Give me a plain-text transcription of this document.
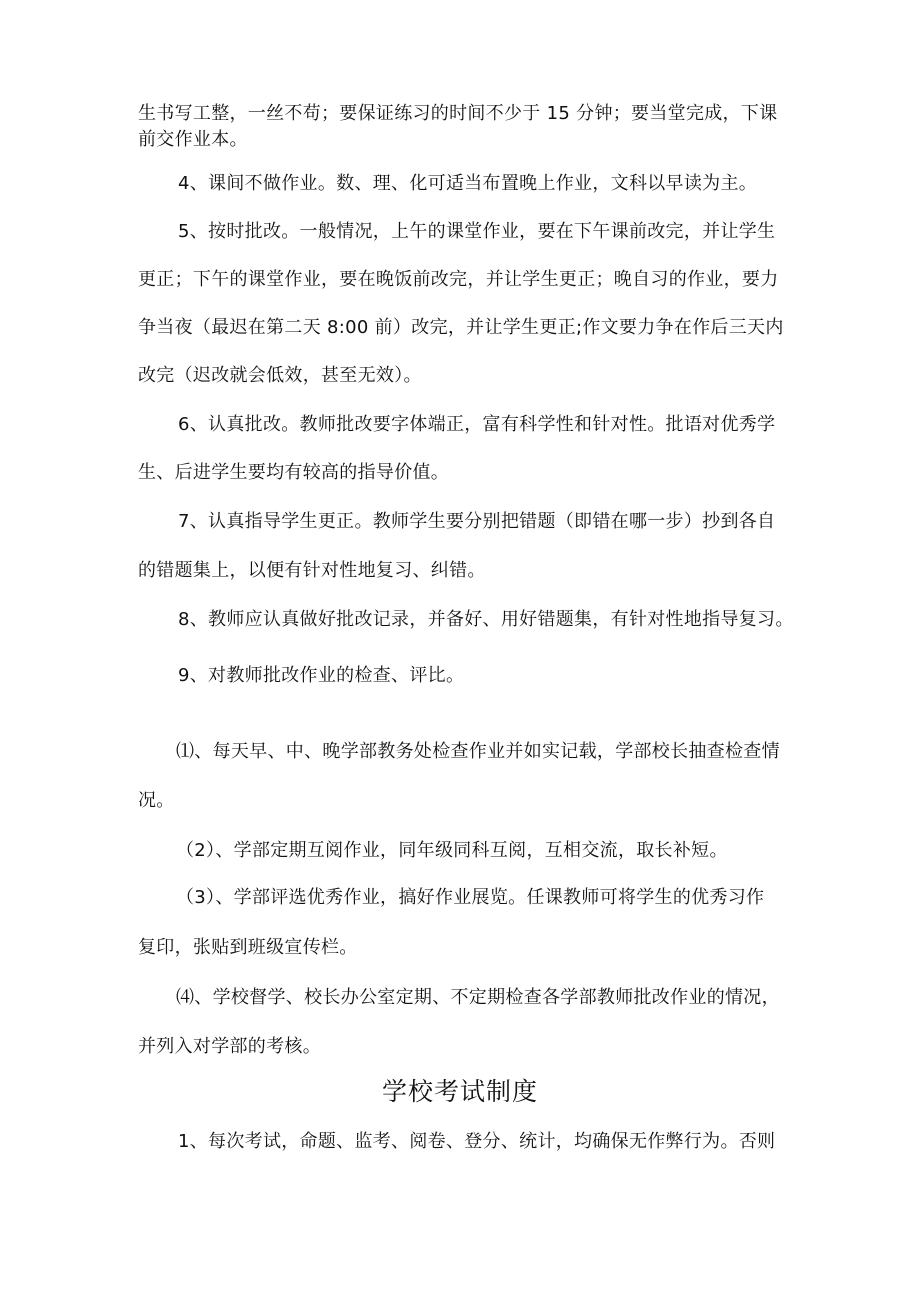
生书写工整，一丝不苟；要保证练习的时间不少于 15 分钟；要当堂完成，下课
前交作业本。
4、课间不做作业。数、理、化可适当布置晚上作业，文科以早读为主。
5、按时批改。一般情况，上午的课堂作业，要在下午课前改完，并让学生
更正；下午的课堂作业，要在晚饭前改完，并让学生更正；晚自习的作业，要力
争当夜（最迟在第二天 8:00 前）改完，并让学生更正;作文要力争在作后三天内
改完（迟改就会低效，甚至无效）。
6、认真批改。教师批改要字体端正，富有科学性和针对性。批语对优秀学
生、后进学生要均有较高的指导价值。
7、认真指导学生更正。教师学生要分别把错题（即错在哪一步）抄到各自
的错题集上，以便有针对性地复习、纠错。
8、教师应认真做好批改记录，并备好、用好错题集，有针对性地指导复习。
9、对教师批改作业的检查、评比。
⑴、每天早、中、晚学部教务处检查作业并如实记载，学部校长抽查检查情
况。
（2）、学部定期互阅作业，同年级同科互阅，互相交流，取长补短。
（3）、学部评选优秀作业，搞好作业展览。任课教师可将学生的优秀习作
复印，张贴到班级宣传栏。
⑷、学校督学、校长办公室定期、不定期检查各学部教师批改作业的情况，
并列入对学部的考核。
学校考试制度
1、每次考试，命题、监考、阅卷、登分、统计，均确保无作弊行为。否则
